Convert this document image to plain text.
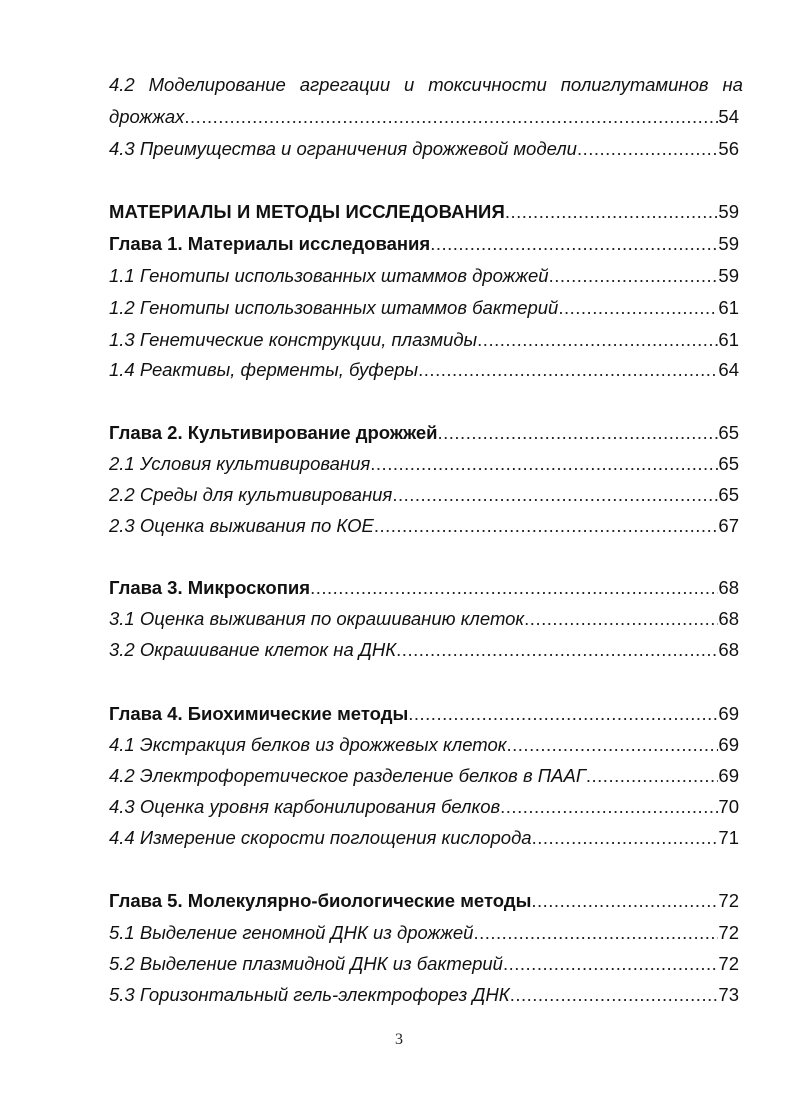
4.2 Моделирование агрегации и токсичности полиглутаминов на
дрожжах .....	54
4.3 Преимущества и ограничения дрожжевой модели .....	56
МАТЕРИАЛЫ И МЕТОДЫ ИССЛЕДОВАНИЯ .....	59
Глава 1. Материалы исследования .....	59
1.1 Генотипы использованных штаммов дрожжей .....	59
1.2 Генотипы использованных штаммов бактерий .....	61
1.3 Генетические конструкции, плазмиды .....	61
1.4 Реактивы, ферменты, буферы .....	64
Глава 2. Культивирование дрожжей .....	65
2.1 Условия культивирования .....	65
2.2 Среды для культивирования .....	65
2.3 Оценка выживания по КОЕ .....	67
Глава 3. Микроскопия .....	68
3.1 Оценка выживания по окрашиванию клеток .....	68
3.2 Окрашивание клеток на ДНК .....	68
Глава 4. Биохимические методы .....	69
4.1 Экстракция белков из дрожжевых клеток .....	69
4.2 Электрофоретическое разделение белков в ПААГ .....	69
4.3 Оценка уровня карбонилирования белков .....	70
4.4 Измерение скорости поглощения кислорода .....	71
Глава 5. Молекулярно-биологические методы .....	72
5.1 Выделение геномной ДНК из дрожжей .....	72
5.2 Выделение плазмидной ДНК из бактерий .....	72
5.3 Горизонтальный гель-электрофорез ДНК .....	73
3
